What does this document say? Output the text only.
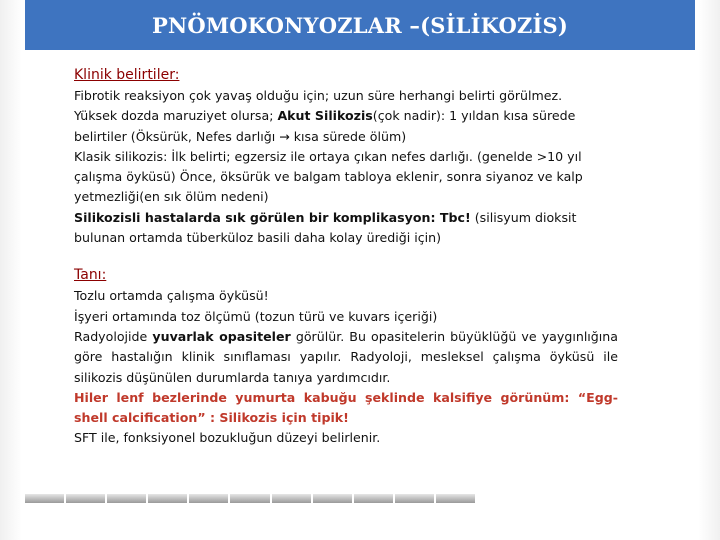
PNÖMOKONYOZLAR –(SİLİKOZİS)
Klinik belirtiler:

Fibrotik reaksiyon çok yavaş olduğu için; uzun süre herhangi belirti görülmez.

Yüksek dozda maruziyet olursa; Akut Silikozis(çok nadir): 1 yıldan kısa sürede belirtiler (Öksürük, Nefes darlığı → kısa sürede ölüm)

Klasik silikozis: İlk belirti; egzersiz ile ortaya çıkan nefes darlığı. (genelde >10 yıl çalışma öyküsü) Önce, öksürük ve balgam tabloya eklenir, sonra siyanoz ve kalp yetmezliği(en sık ölüm nedeni)

Silikozisli hastalarda sık görülen bir komplikasyon: Tbc! (silisyum dioksit bulunan ortamda tüberküloz basili daha kolay ürediği için)

Tanı:

Tozlu ortamda çalışma öyküsü!

İşyeri ortamında toz ölçümü (tozun türü ve kuvars içeriği)

Radyolojide yuvarlak opasiteler görülür. Bu opasitelerin büyüklüğü ve yaygınlığına göre hastalığın klinik sınıflaması yapılır. Radyoloji, mesleksel çalışma öyküsü ile silikozis düşünülen durumlarda tanıya yardımcıdır.

Hiler lenf bezlerinde yumurta kabuğu şeklinde kalsifiye görünüm: “Egg-shell calcification” : Silikozis için tipik!

SFT ile, fonksiyonel bozukluğun düzeyi belirlenir.
